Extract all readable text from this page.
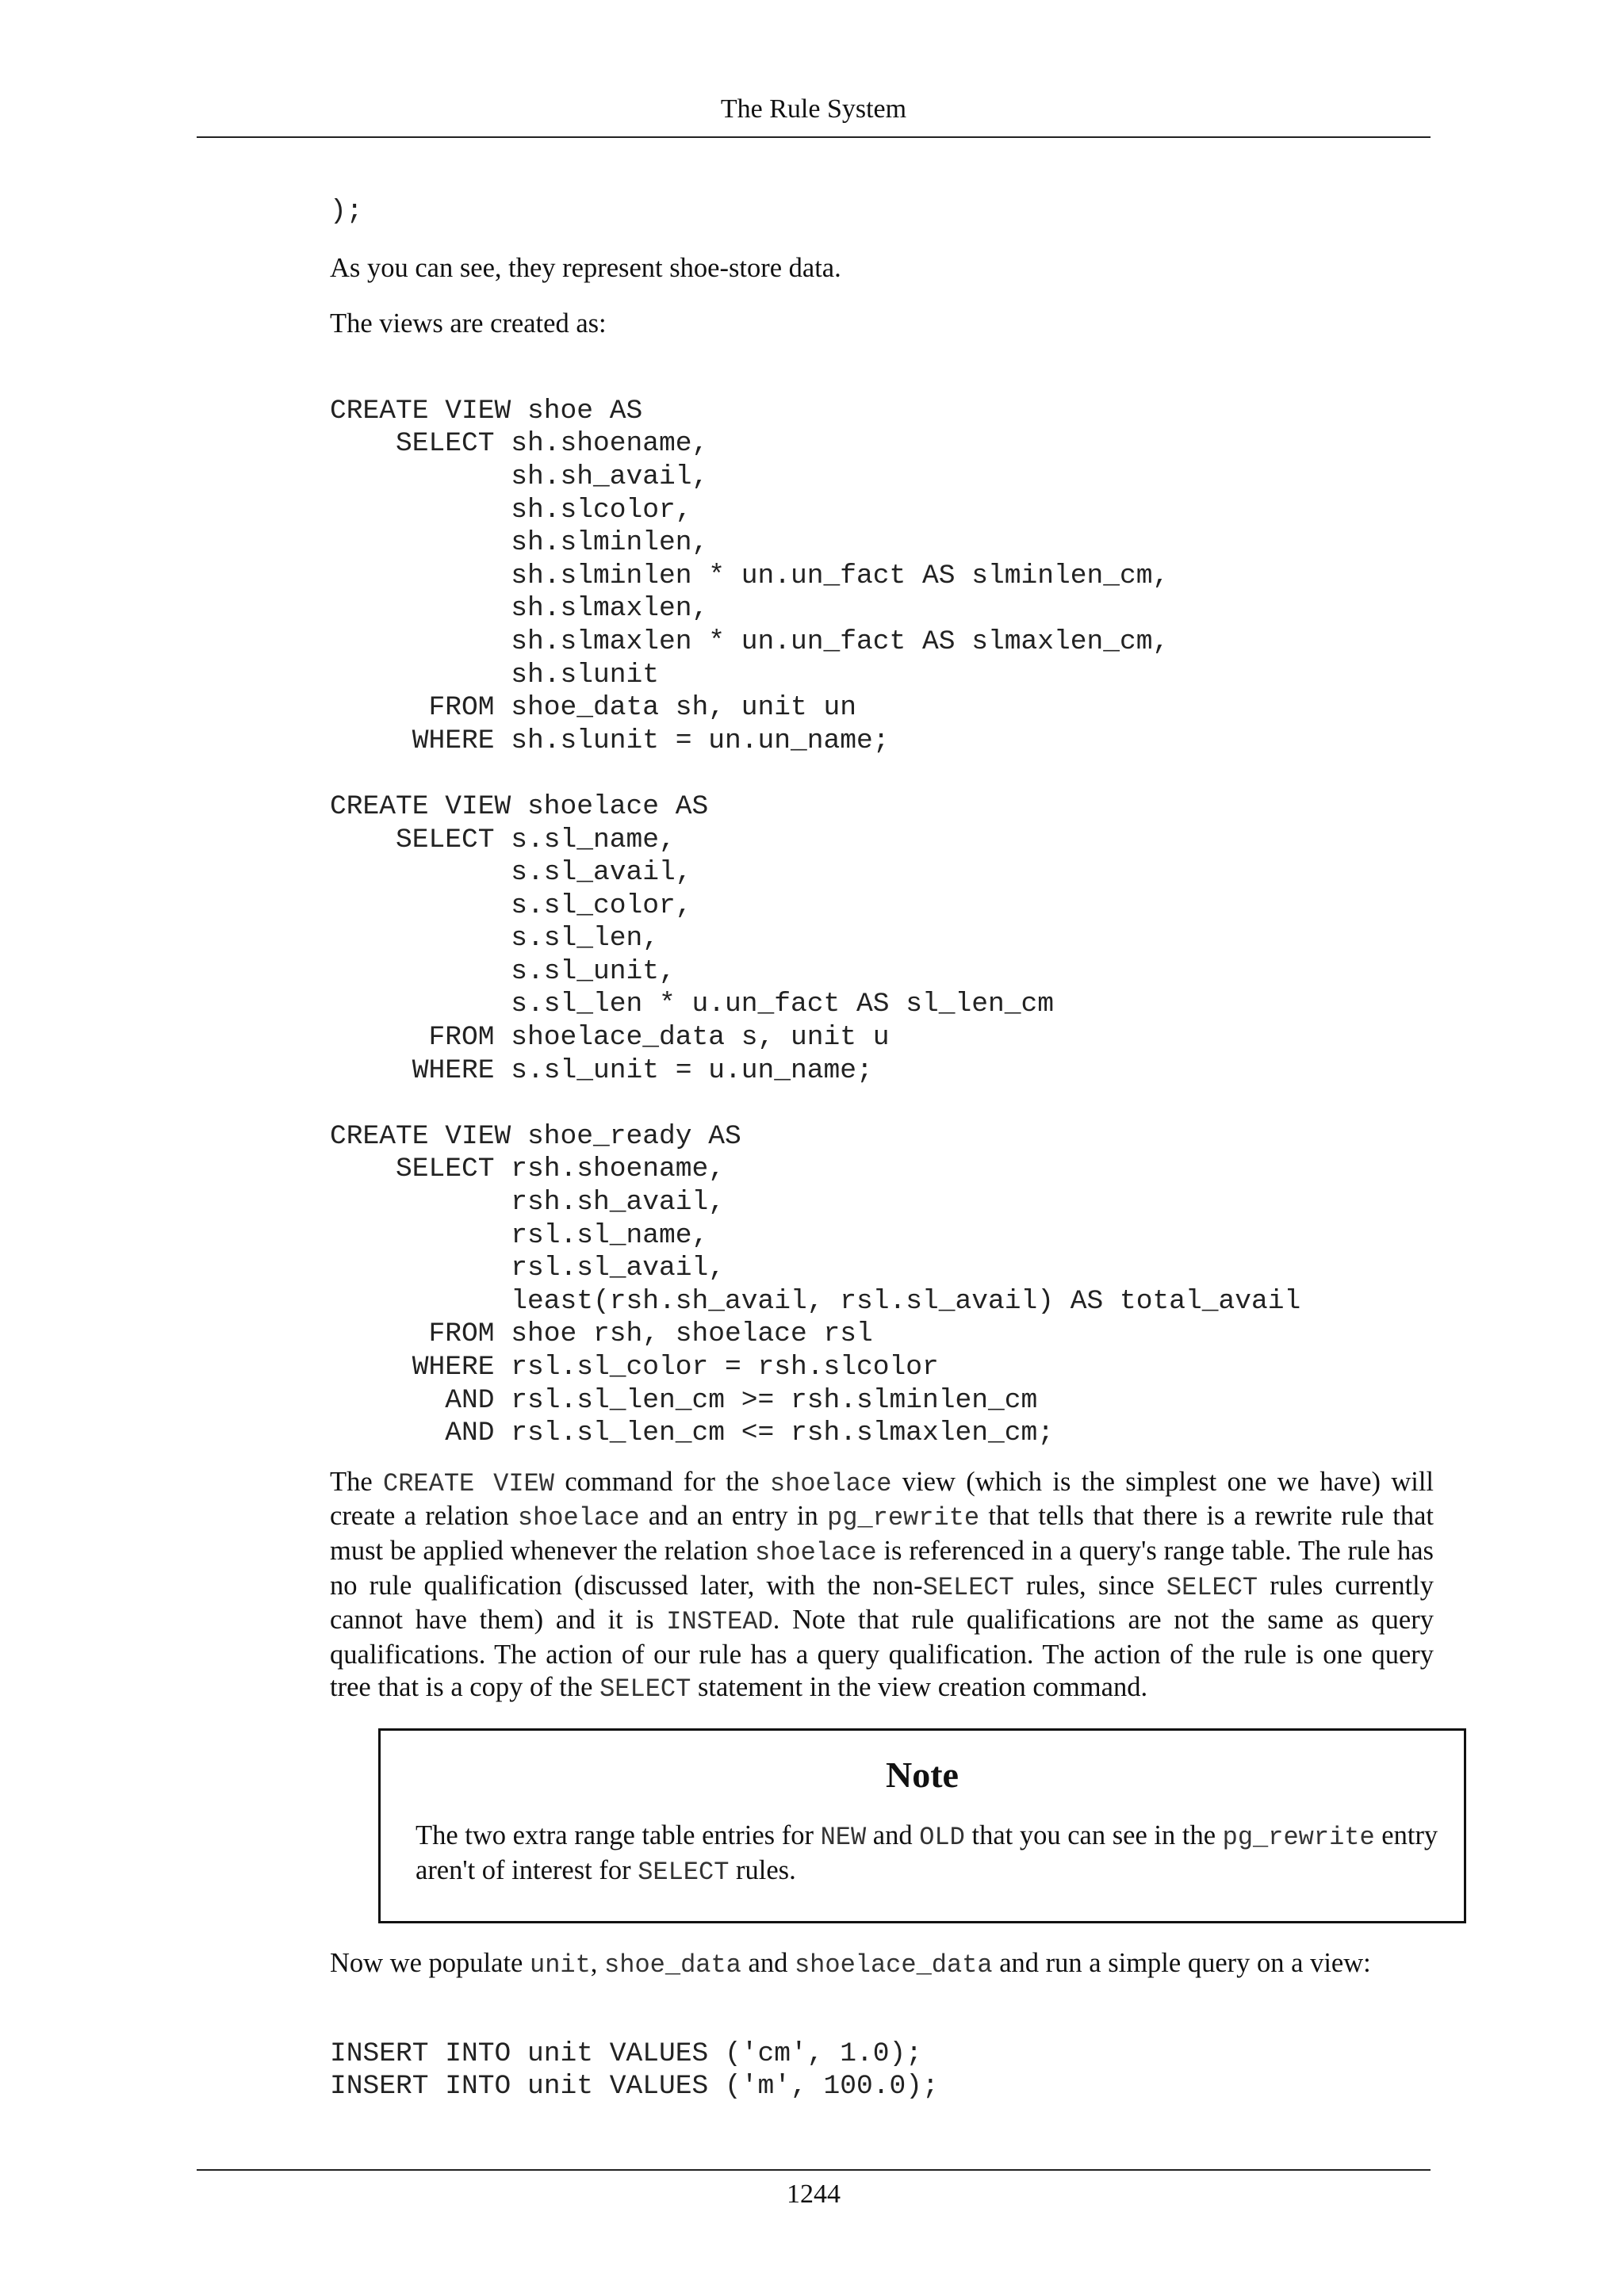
The Rule System
);

As you can see, they represent shoe-store data.

The views are created as:

CREATE VIEW shoe AS
SELECT sh.shoename,
sh.sh_avail,
sh.slcolor,
sh.slminlen,
sh.slminlen * un.un_fact AS slminlen_cm,
sh.slmaxlen,
sh.slmaxlen * un.un_fact AS slmaxlen_cm,
sh.slunit
FROM shoe_data sh, unit un
WHERE sh.slunit = un.un_name;

CREATE VIEW shoelace AS
SELECT s.sl_name,
s.sl_avail,
s.sl_color,
s.sl_len,
s.sl_unit,
s.sl_len * u.un_fact AS sl_len_cm
FROM shoelace_data s, unit u
WHERE s.sl_unit = u.un_name;

CREATE VIEW shoe_ready AS
SELECT rsh.shoename,
rsh.sh_avail,
rsl.sl_name,
rsl.sl_avail,
least(rsh.sh_avail, rsl.sl_avail) AS total_avail
FROM shoe rsh, shoelace rsl
WHERE rsl.sl_color = rsh.slcolor
AND rsl.sl_len_cm >= rsh.slminlen_cm
AND rsl.sl_len_cm <= rsh.slmaxlen_cm;

The CREATE VIEW command for the shoelace view (which is the simplest one we have) will create a relation shoelace and an entry in pg_rewrite that tells that there is a rewrite rule that must be applied whenever the relation shoelace is referenced in a query's range table. The rule has no rule qualification (discussed later, with the non-SELECT rules, since SELECT rules currently cannot have them) and it is INSTEAD. Note that rule qualifications are not the same as query qualifications. The action of our rule has a query qualification. The action of the rule is one query tree that is a copy of the SELECT statement in the view creation command.

Note
The two extra range table entries for NEW and OLD that you can see in the pg_rewrite entry aren't of interest for SELECT rules.

Now we populate unit, shoe_data and shoelace_data and run a simple query on a view:

INSERT INTO unit VALUES ('cm', 1.0);
INSERT INTO unit VALUES ('m', 100.0);
1244
